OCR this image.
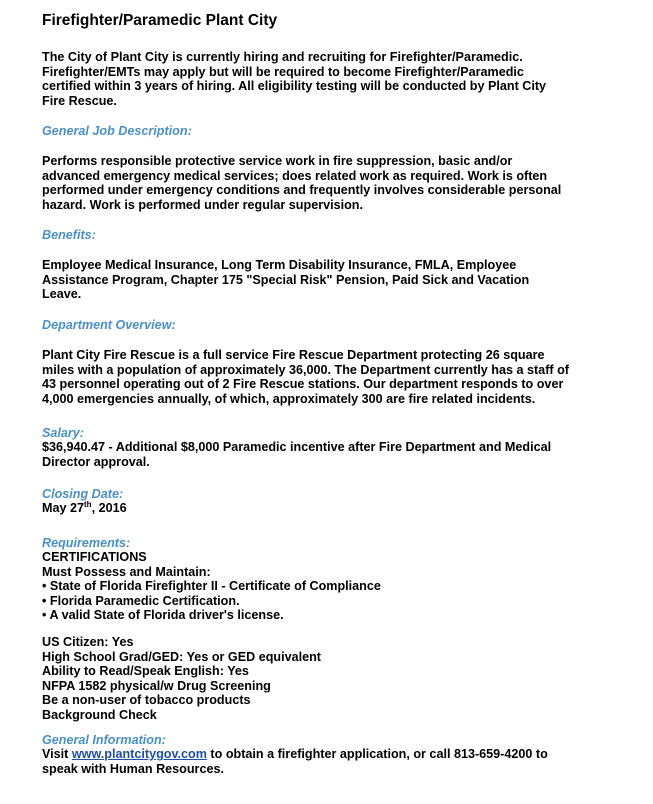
Firefighter/Paramedic Plant City
The City of Plant City is currently hiring and recruiting for Firefighter/Paramedic.
Firefighter/EMTs may apply but will be required to become Firefighter/Paramedic
certified within 3 years of hiring. All eligibility testing will be conducted by Plant City
Fire Rescue.
General Job Description:
Performs responsible protective service work in fire suppression, basic and/or
advanced emergency medical services; does related work as required. Work is often
performed under emergency conditions and frequently involves considerable personal
hazard. Work is performed under regular supervision.
Benefits:
Employee Medical Insurance, Long Term Disability Insurance, FMLA, Employee
Assistance Program, Chapter 175 "Special Risk" Pension, Paid Sick and Vacation
Leave.
Department Overview:
Plant City Fire Rescue is a full service Fire Rescue Department protecting 26 square
miles with a population of approximately 36,000. The Department currently has a staff of
43 personnel operating out of 2 Fire Rescue stations. Our department responds to over
4,000 emergencies annually, of which, approximately 300 are fire related incidents.
Salary:
$36,940.47 - Additional $8,000 Paramedic incentive after Fire Department and Medical
Director approval.
Closing Date:
May 27th, 2016
Requirements:
CERTIFICATIONS
Must Possess and Maintain:
• State of Florida Firefighter II - Certificate of Compliance
• Florida Paramedic Certification.
• A valid State of Florida driver's license.
US Citizen: Yes
High School Grad/GED: Yes or GED equivalent
Ability to Read/Speak English: Yes
NFPA 1582 physical/w Drug Screening
Be a non-user of tobacco products
Background Check
General Information:
Visit www.plantcitygov.com to obtain a firefighter application, or call 813-659-4200 to
speak with Human Resources.
